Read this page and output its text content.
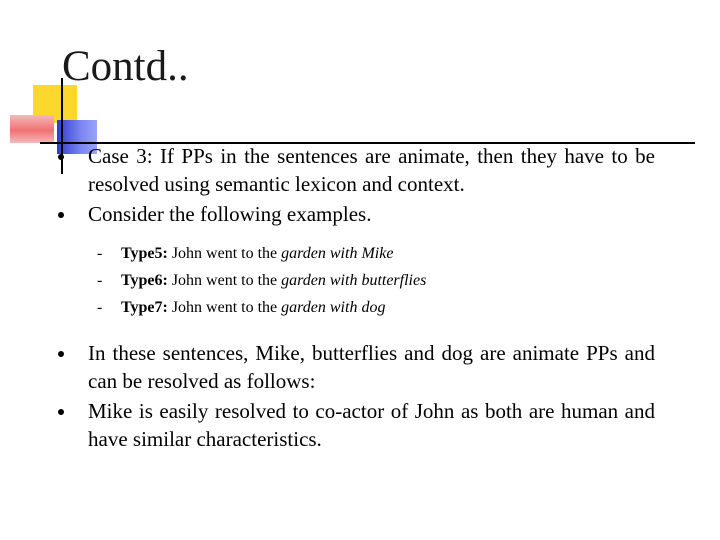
Contd..
Case 3: If PPs in the sentences are animate, then they have to be resolved using semantic lexicon and context.
Consider the following examples.
- Type5: John went to the garden with Mike
- Type6: John went to the garden with butterflies
- Type7: John went to the garden with dog
In these sentences, Mike, butterflies and dog are animate PPs and can be resolved as follows:
Mike is easily resolved to co-actor of John as both are human and have similar characteristics.
